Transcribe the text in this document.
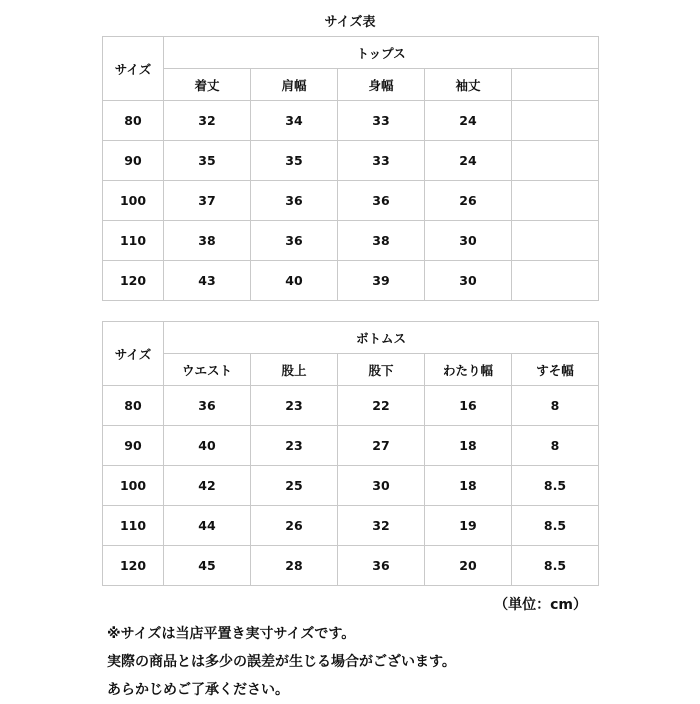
サイズ表
サイズ	トップス				
	着丈	肩幅	身幅	袖丈	
80	32	34	33	24	
90	35	35	33	24	
100	37	36	36	26	
110	38	36	38	30	
120	43	40	39	30	
サイズ	ボトムス				
	ウエスト	股上	股下	わたり幅	すそ幅
80	36	23	22	16	8
90	40	23	27	18	8
100	42	25	30	18	8.5
110	44	26	32	19	8.5
120	45	28	36	20	8.5
（単位：cm）
※サイズは当店平置き実寸サイズです。
実際の商品とは多少の誤差が生じる場合がございます。
あらかじめご了承ください。
